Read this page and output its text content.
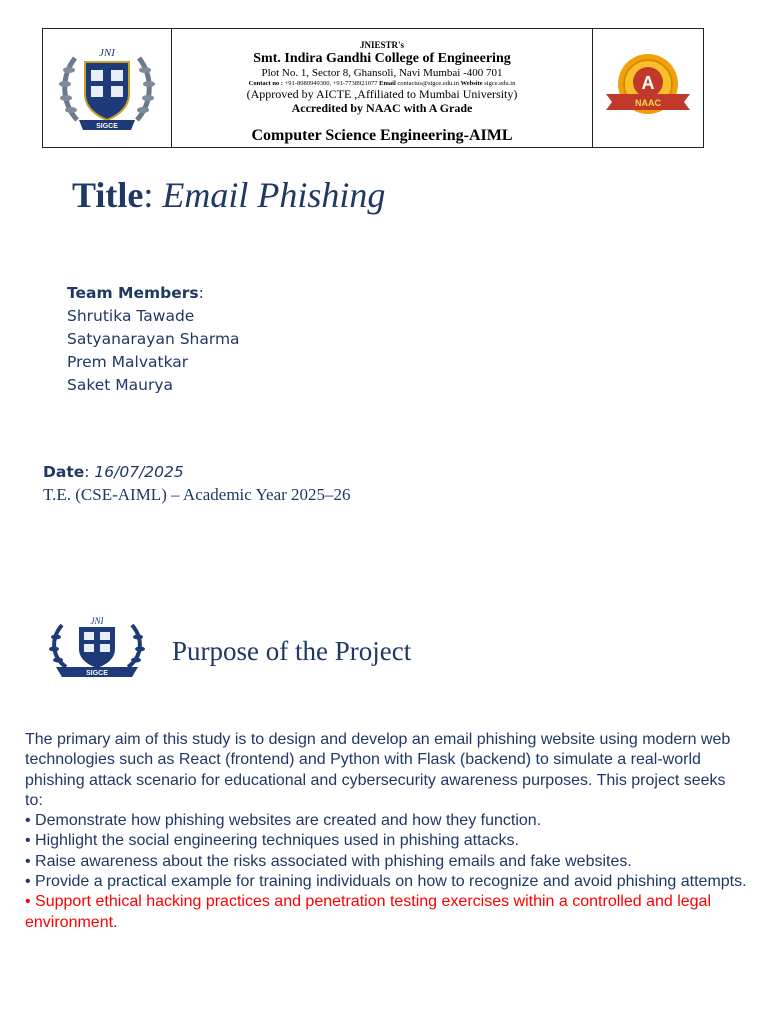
JNI
SIGCE
JNIESTR's
Smt. Indira Gandhi College of Engineering
Plot No. 1, Sector 8, Ghansoli, Navi Mumbai -400 701
Contact no : +91-8080949300, +91-7738921077 Email contactus@sigce.edu.in Website sigce.edu.in
(Approved by AICTE ,Affiliated to Mumbai University)
Accredited by NAAC with A Grade
Computer Science Engineering-AIML
A
NAAC
Title: Email Phishing
Team Members:
Shrutika Tawade
Satyanarayan Sharma
Prem Malvatkar
Saket Maurya
Date: 16/07/2025
T.E. (CSE-AIML) – Academic Year 2025–26
JNI
SIGCE
Purpose of the Project

The primary aim of this study is to design and develop an email phishing website using modern web technologies such as React (frontend) and Python with Flask (backend) to simulate a real-world phishing attack scenario for educational and cybersecurity awareness purposes. This project seeks to:

• Demonstrate how phishing websites are created and how they function.

• Highlight the social engineering techniques used in phishing attacks.

• Raise awareness about the risks associated with phishing emails and fake websites.

• Provide a practical example for training individuals on how to recognize and avoid phishing attempts.

• Support ethical hacking practices and penetration testing exercises within a controlled and legal environment.
